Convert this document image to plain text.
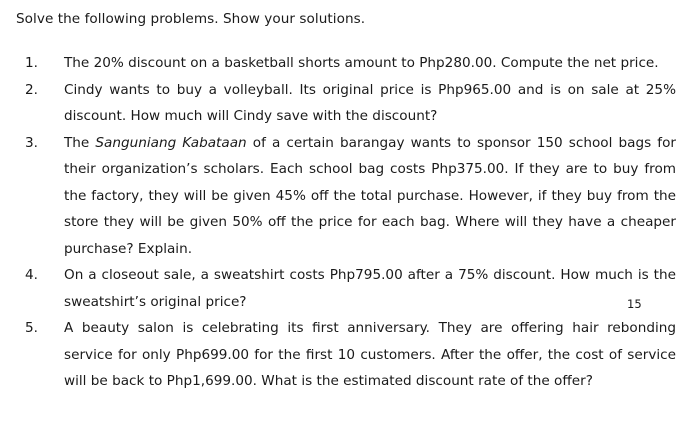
Solve the following problems. Show your solutions.
1.	The 20% discount on a basketball shorts amount to Php280.00. Compute the net price.
2.	Cindy wants to buy a volleyball. Its original price is Php965.00 and is on sale at 25% discount. How much will Cindy save with the discount?
3.	The Sanguniang Kabataan of a certain barangay wants to sponsor 150 school bags for their organization’s scholars. Each school bag costs Php375.00. If they are to buy from the factory, they will be given 45% off the total purchase. However, if they buy from the store they will be given 50% off the price for each bag. Where will they have a cheaper purchase? Explain.
4.	On a closeout sale, a sweatshirt costs Php795.00 after a 75% discount. How much is the sweatshirt’s original price?
5.	A beauty salon is celebrating its first anniversary. They are offering hair rebonding service for only Php699.00 for the first 10 customers. After the offer, the cost of service will be back to Php1,699.00. What is the estimated discount rate of the offer?
15
